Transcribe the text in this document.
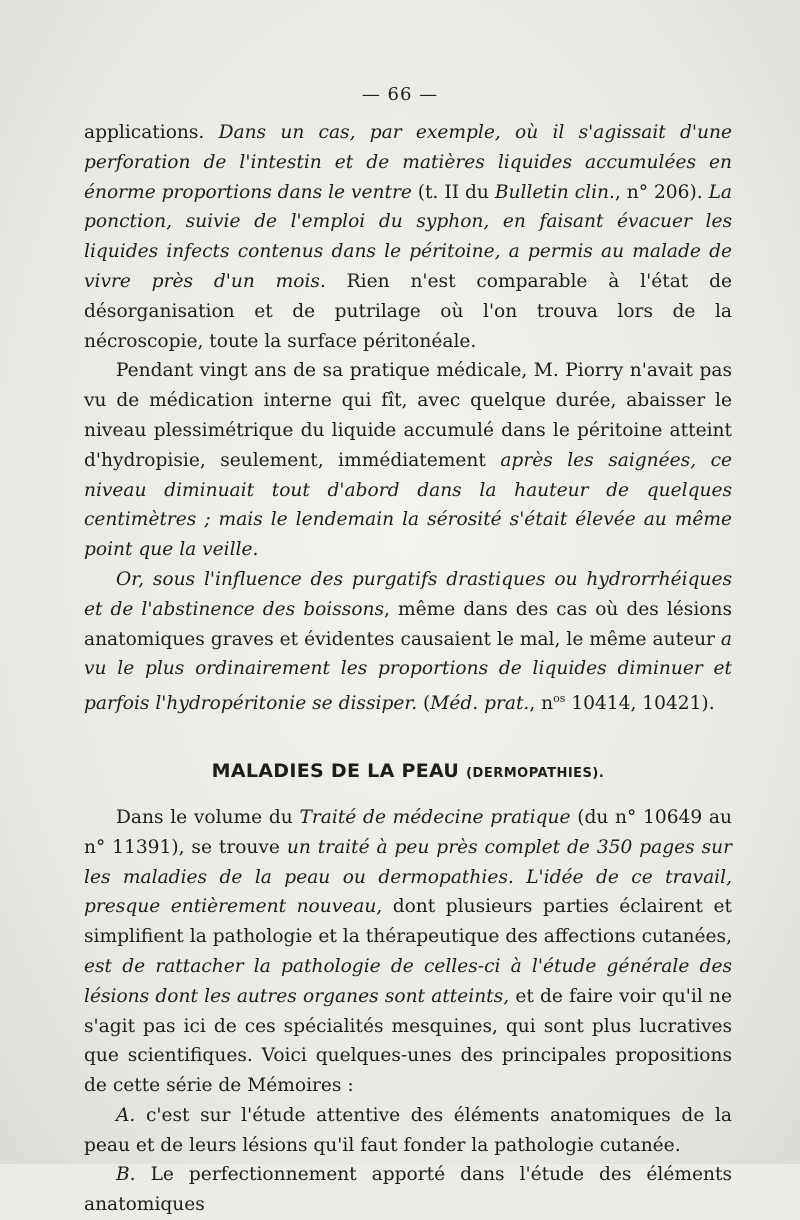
— 66 —

applications. Dans un cas, par exemple, où il s'agissait d'une perforation de l'intestin et de matières liquides accumulées en énorme proportions dans le ventre (t. II du Bulletin clin., n° 206). La ponction, suivie de l'emploi du syphon, en faisant évacuer les liquides infects contenus dans le péritoine, a permis au malade de vivre près d'un mois. Rien n'est comparable à l'état de désorganisation et de putrilage où l'on trouva lors de la nécroscopie, toute la surface péritonéale.

Pendant vingt ans de sa pratique médicale, M. Piorry n'avait pas vu de médication interne qui fît, avec quelque durée, abaisser le niveau plessimétrique du liquide accumulé dans le péritoine atteint d'hydropisie, seulement, immédiatement après les saignées, ce niveau diminuait tout d'abord dans la hauteur de quelques centimètres ; mais le lendemain la sérosité s'était élevée au même point que la veille.

Or, sous l'influence des purgatifs drastiques ou hydrorrhéiques et de l'abstinence des boissons, même dans des cas où des lésions anatomiques graves et évidentes causaient le mal, le même auteur a vu le plus ordinairement les proportions de liquides diminuer et parfois l'hydropéritonie se dissiper. (Méd. prat., $n^{os}$ 10414, 10421).

MALADIES DE LA PEAU (DERMOPATHIES).

Dans le volume du Traité de médecine pratique (du n° 10649 au n° 11391), se trouve un traité à peu près complet de 350 pages sur les maladies de la peau ou dermopathies. L'idée de ce travail, presque entièrement nouveau, dont plusieurs parties éclairent et simplifient la pathologie et la thérapeutique des affections cutanées, est de rattacher la pathologie de celles-ci à l'étude générale des lésions dont les autres organes sont atteints, et de faire voir qu'il ne s'agit pas ici de ces spécialités mesquines, qui sont plus lucratives que scientifiques. Voici quelques-unes des principales propositions de cette série de Mémoires :

A. c'est sur l'étude attentive des éléments anatomiques de la peau et de leurs lésions qu'il faut fonder la pathologie cutanée.

B. Le perfectionnement apporté dans l'étude des éléments anatomiques
